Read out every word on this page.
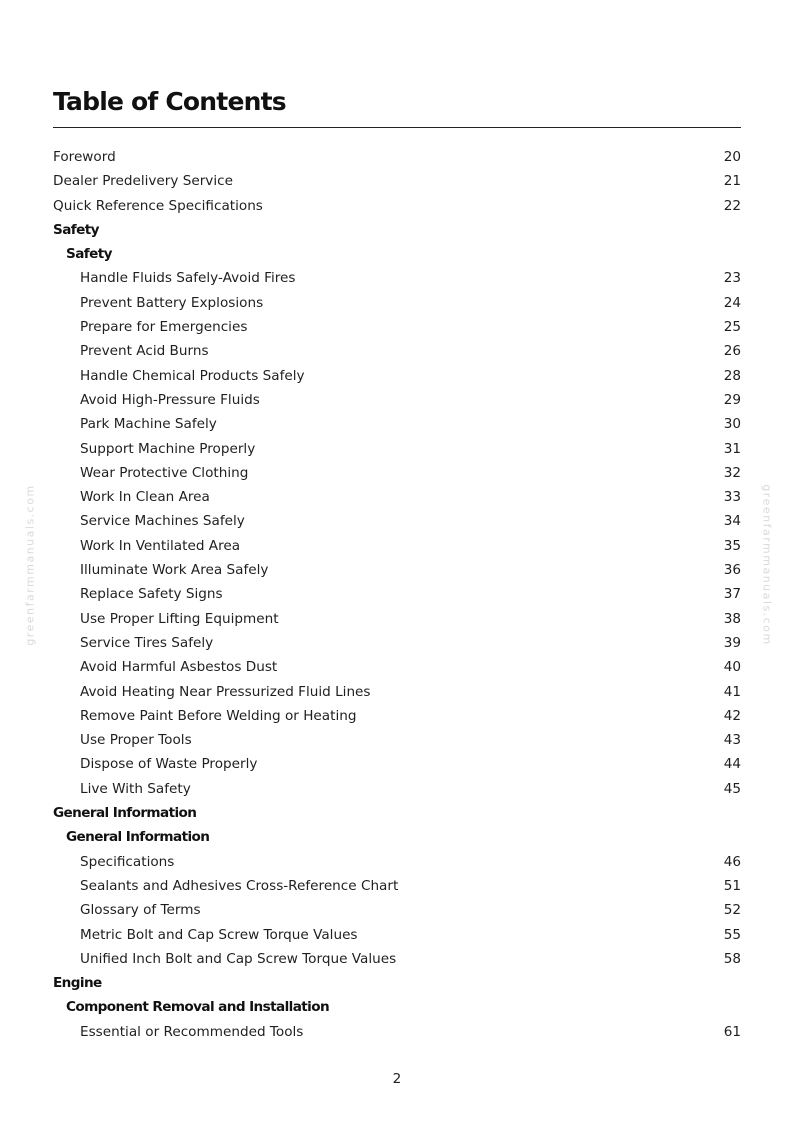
Table of Contents
Foreword	20
Dealer Predelivery Service	21
Quick Reference Specifications	22
Safety
Safety
Handle Fluids Safely-Avoid Fires	23
Prevent Battery Explosions	24
Prepare for Emergencies	25
Prevent Acid Burns	26
Handle Chemical Products Safely	28
Avoid High-Pressure Fluids	29
Park Machine Safely	30
Support Machine Properly	31
Wear Protective Clothing	32
Work In Clean Area	33
Service Machines Safely	34
Work In Ventilated Area	35
Illuminate Work Area Safely	36
Replace Safety Signs	37
Use Proper Lifting Equipment	38
Service Tires Safely	39
Avoid Harmful Asbestos Dust	40
Avoid Heating Near Pressurized Fluid Lines	41
Remove Paint Before Welding or Heating	42
Use Proper Tools	43
Dispose of Waste Properly	44
Live With Safety	45
General Information
General Information
Specifications	46
Sealants and Adhesives Cross-Reference Chart	51
Glossary of Terms	52
Metric Bolt and Cap Screw Torque Values	55
Unified Inch Bolt and Cap Screw Torque Values	58
Engine
Component Removal and Installation
Essential or Recommended Tools	61
greenfarmmanuals.com	greenfarmmanuals.com
2
